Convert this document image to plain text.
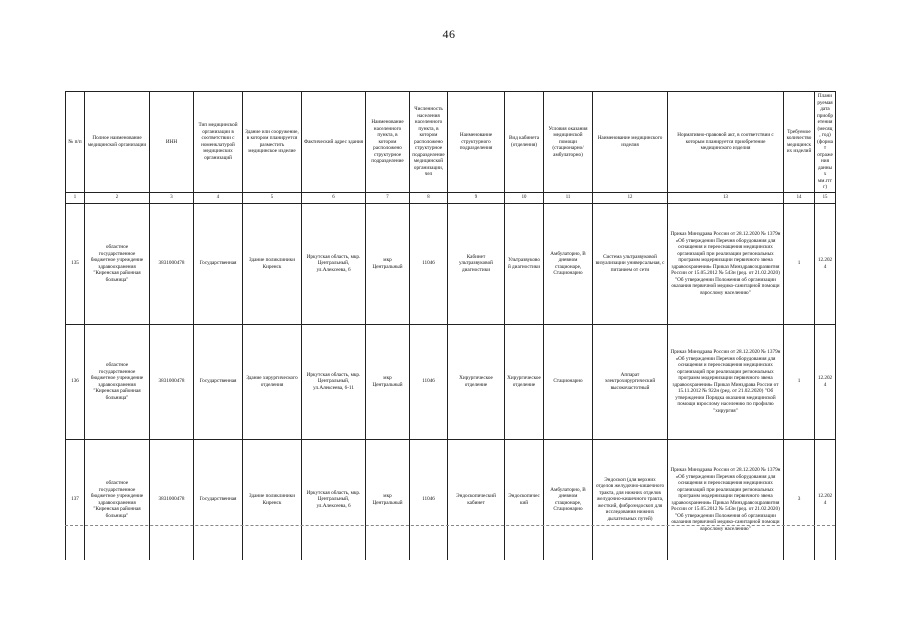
46
№ п/п	Полное наименование медицинской организации	ИНН	Тип медицинской организации в соответствии с номенклатурой медицинских организаций	Здание или сооружение, в котором планируется разместить медицинское изделие	Фактический адрес здания	Наименование населенного пункта, в котором расположено структурное подразделение	Численность населения населенного пункта, в котором расположено структурное подразделение медицинской организации, чел	Наименование структурного подразделения	Вид кабинета (отделения)	Условия оказания медицинской помощи (стационарно/амбулаторно)	Наименование медицинского изделия	Нормативно-правовой акт, в соответствии с которым планируется приобретение медицинского изделия	Требуемое количество медицинских изделий	Планируемая дата приобретения (месяц, год) (формат отражения данных мм.гггг)
1	2	3	4	5	6	7	8	9	10	11	12	13	14	15
135	областное государственное бюджетное учреждение здравоохранения "Киренская районная больница"	3831000478	Государственная	Здание поликлиники Киренск	Иркутская область, мкр. Центральный, ул.Алексеева, 6	мкр Центральный	11046	Кабинет ультразвуковой диагностики	Ультразвуковой диагностики	Амбулаторно, В дневном стационаре, Стационарно	Система ультразвуковой визуализации универсальная, с питанием от сети	Приказ Минздрава России от 28.12.2020 № 1379н «Об утверждении Перечня оборудования для оснащения и переоснащения медицинских организаций при реализации региональных программ модернизации первичного звена здравоохранения» Приказ Минздравсоцразвития России от 15.05.2012 № 543н (ред. от 21.02.2020) "Об утверждении Положения об организации оказания первичной медико-санитарной помощи взрослому населению"	1	12.2024
136	областное государственное бюджетное учреждение здравоохранения "Киренская районная больница"	3831000478	Государственная	Здание хирургического отделения	Иркутская область, мкр. Центральный, ул.Алексеева, 6-11	мкр Центральный	11046	Хирургическое отделение	Хирургическое отделение	Стационарно	Аппарат электрохирургический высокочастотный	Приказ Минздрава России от 28.12.2020 № 1379н «Об утверждении Перечня оборудования для оснащения и переоснащения медицинских организаций при реализации региональных программ модернизации первичного звена здравоохранения» Приказ Минздрава России от 15.11.2012 № 922н (ред. от 21.02.2020) "Об утверждении Порядка оказания медицинской помощи взрослому населению по профилю "хирургия"	1	12.2024
137	областное государственное бюджетное учреждение здравоохранения "Киренская районная больница"	3831000478	Государственная	Здание поликлиники Киренск	Иркутская область, мкр. Центральный, ул.Алексеева, 6	мкр Центральный	11046	Эндоскопический кабинет	Эндоскопический	Амбулаторно, В дневном стационаре, Стационарно	Эндоскоп (для верхних отделов желудочно-кишечного тракта, для нижних отделов желудочно-кишечного тракта, жесткий, фиброэндоскоп для исследования нижних дыхательных путей)	Приказ Минздрава России от 28.12.2020 № 1379н «Об утверждении Перечня оборудования для оснащения и переоснащения медицинских организаций при реализации региональных программ модернизации первичного звена здравоохранения» Приказ Минздравсоцразвития России от 15.05.2012 № 543н (ред. от 21.02.2020) "Об утверждении Положения об организации оказания первичной медико-санитарной помощи взрослому населению"	3	12.2024
